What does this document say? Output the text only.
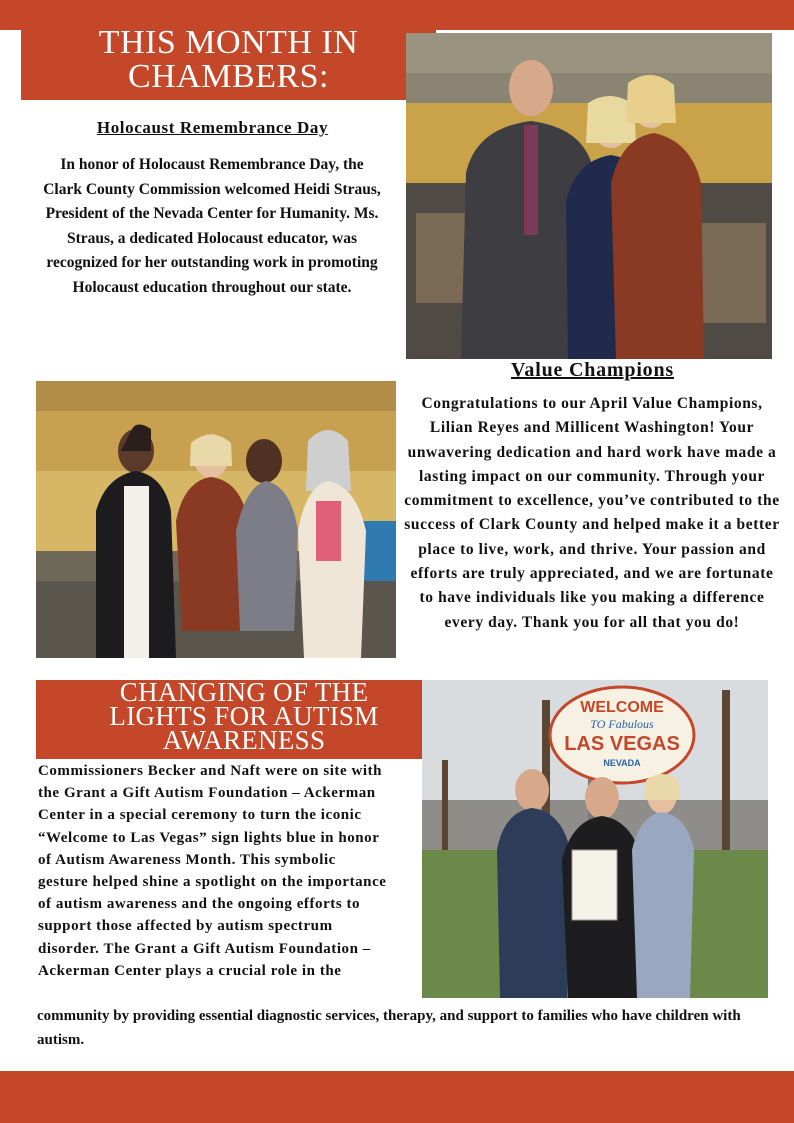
THIS MONTH IN
CHAMBERS:
Holocaust Remembrance Day
In honor of Holocaust Remembrance Day, the Clark County Commission welcomed Heidi Straus, President of the Nevada Center for Humanity. Ms. Straus, a dedicated Holocaust educator, was recognized for her outstanding work in promoting Holocaust education throughout our state.
Value Champions
Congratulations to our April Value Champions, Lilian Reyes and Millicent Washington! Your unwavering dedication and hard work have made a lasting impact on our community. Through your commitment to excellence, you’ve contributed to the success of Clark County and helped make it a better place to live, work, and thrive. Your passion and efforts are truly appreciated, and we are fortunate to have individuals like you making a difference every day. Thank you for all that you do!
CHANGING OF THE
LIGHTS FOR AUTISM
AWARENESS
WELCOME
TO Fabulous
LAS VEGAS
NEVADA
Commissioners Becker and Naft were on site with the Grant a Gift Autism Foundation – Ackerman Center in a special ceremony to turn the iconic “Welcome to Las Vegas” sign lights blue in honor of Autism Awareness Month. This symbolic gesture helped shine a spotlight on the importance of autism awareness and the ongoing efforts to support those affected by autism spectrum disorder. The Grant a Gift Autism Foundation – Ackerman Center plays a crucial role in the
community by providing essential diagnostic services, therapy, and support to families who have children with autism.
